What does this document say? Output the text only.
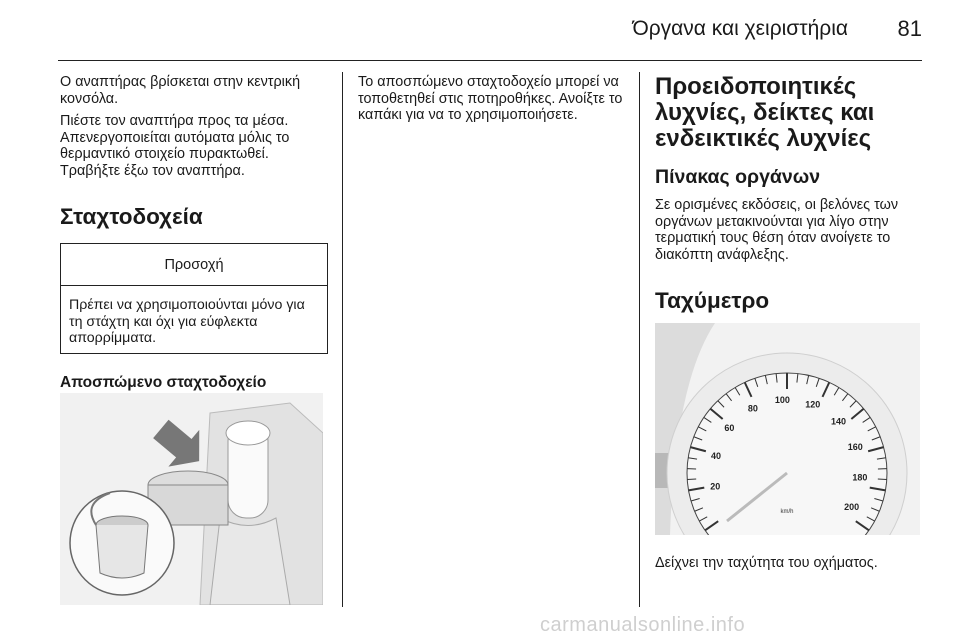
Όργανα και χειριστήρια 81

Ο αναπτήρας βρίσκεται στην κεντρική κονσόλα.

Πιέστε τον αναπτήρα προς τα μέσα. Απενεργοποιείται αυτόματα μόλις το θερμαντικό στοιχείο πυρακτωθεί. Τραβήξτε έξω τον αναπτήρα.

Σταχτοδοχεία
Προσοχή
Πρέπει να χρησιμοποιούνται μόνο για τη στάχτη και όχι για εύφλεκτα απορρίμματα.
Αποσπώμενο σταχτοδοχείο

Το αποσπώμενο σταχτοδοχείο μπορεί να τοποθετηθεί στις ποτηροθήκες. Ανοίξτε το καπάκι για να το χρησιμοποιήσετε.

Προειδοποιητικές λυχνίες, δείκτες και ενδεικτικές λυχνίες
Πίνακας οργάνων

Σε ορισμένες εκδόσεις, οι βελόνες των οργάνων μετακινούνται για λίγο στην τερματική τους θέση όταν ανοίγετε το διακόπτη ανάφλεξης.

Ταχύμετρο
20
40
60
80
100 120
140
160
180
200
km/h

Δείχνει την ταχύτητα του οχήματος.

carmanualsonline.info
